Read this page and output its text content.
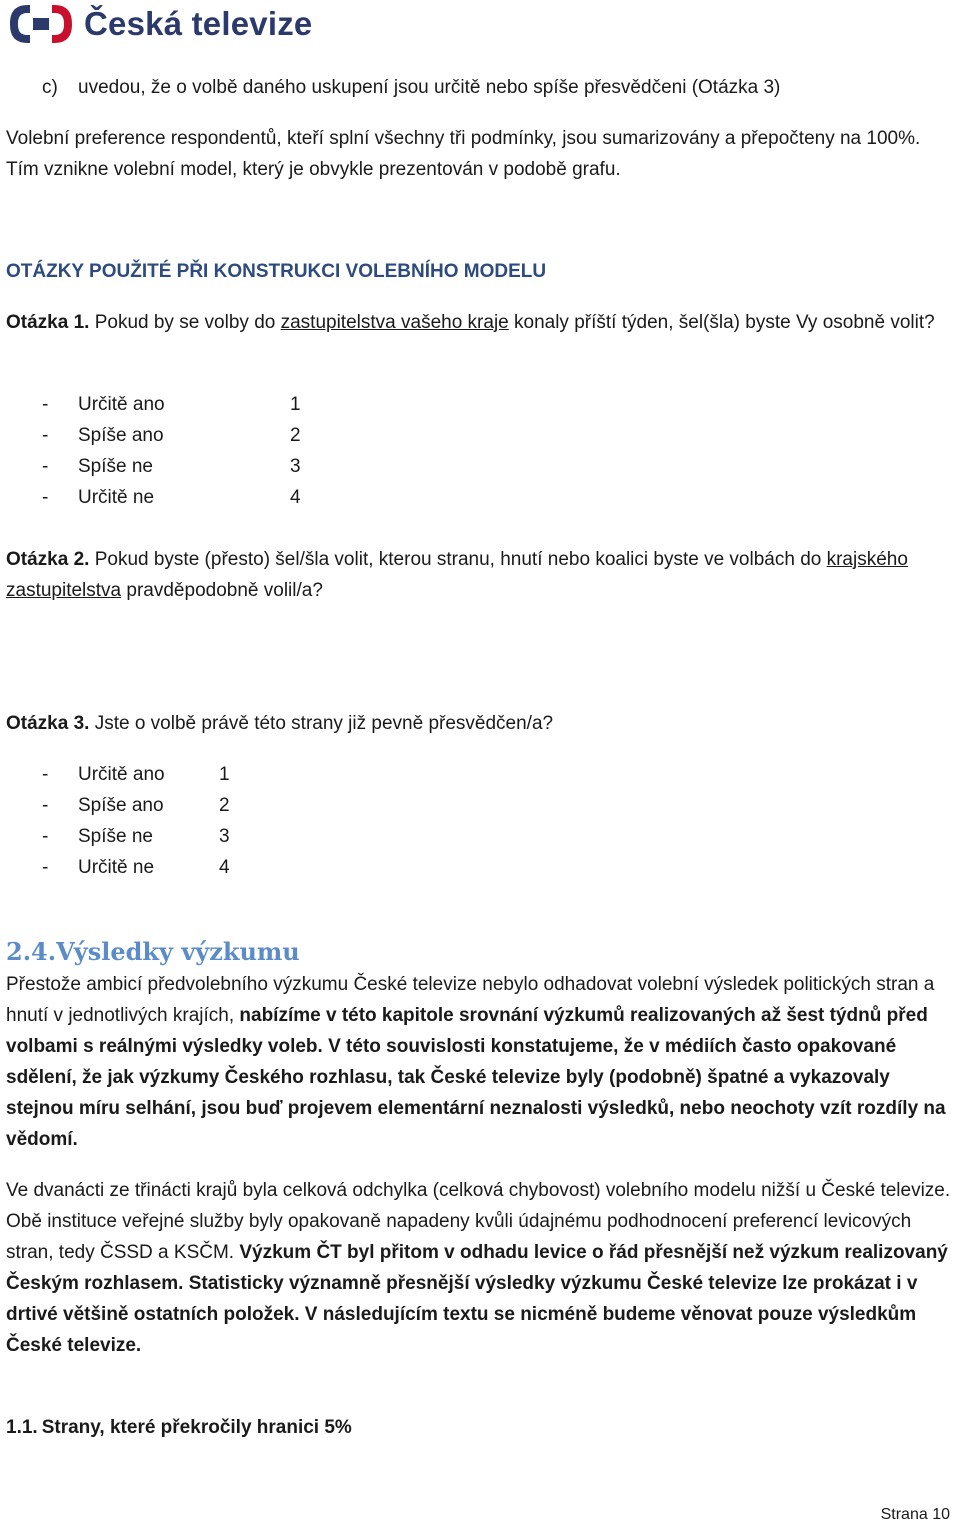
Česká televize
c) uvedou, že o volbě daného uskupení jsou určitě nebo spíše přesvědčeni (Otázka 3)

Volební preference respondentů, kteří splní všechny tři podmínky, jsou sumarizovány a přepočteny na 100%. Tím vznikne volební model, který je obvykle prezentován v podobě grafu.

OTÁZKY POUŽITÉ PŘI KONSTRUKCI VOLEBNÍHO MODELU

Otázka 1. Pokud by se volby do zastupitelstva vašeho kraje konaly příští týden, šel(šla) byste Vy osobně volit?

- Určitě ano	1
- Spíše ano	2
- Spíše ne	3
- Určitě ne	4

Otázka 2. Pokud byste (přesto) šel/šla volit, kterou stranu, hnutí nebo koalici byste ve volbách do krajského zastupitelstva pravděpodobně volil/a?

Otázka 3. Jste o volbě právě této strany již pevně přesvědčen/a?

- Určitě ano	1
- Spíše ano	2
- Spíše ne	3
- Určitě ne	4
2.4.Výsledky výzkumu

Přestože ambicí předvolebního výzkumu České televize nebylo odhadovat volební výsledek politických stran a hnutí v jednotlivých krajích, nabízíme v této kapitole srovnání výzkumů realizovaných až šest týdnů před volbami s reálnými výsledky voleb. V této souvislosti konstatujeme, že v médiích často opakované sdělení, že jak výzkumy Českého rozhlasu, tak České televize byly (podobně) špatné a vykazovaly stejnou míru selhání, jsou buď projevem elementární neznalosti výsledků, nebo neochoty vzít rozdíly na vědomí.

Ve dvanácti ze třinácti krajů byla celková odchylka (celková chybovost) volebního modelu nižší u České televize. Obě instituce veřejné služby byly opakovaně napadeny kvůli údajnému podhodnocení preferencí levicových stran, tedy ČSSD a KSČM. Výzkum ČT byl přitom v odhadu levice o řád přesnější než výzkum realizovaný Českým rozhlasem. Statisticky významně přesnější výsledky výzkumu České televize lze prokázat i v drtivé většině ostatních položek. V následujícím textu se nicméně budeme věnovat pouze výsledkům České televize.

1.1. Strany, které překročily hranici 5%
Strana 10
